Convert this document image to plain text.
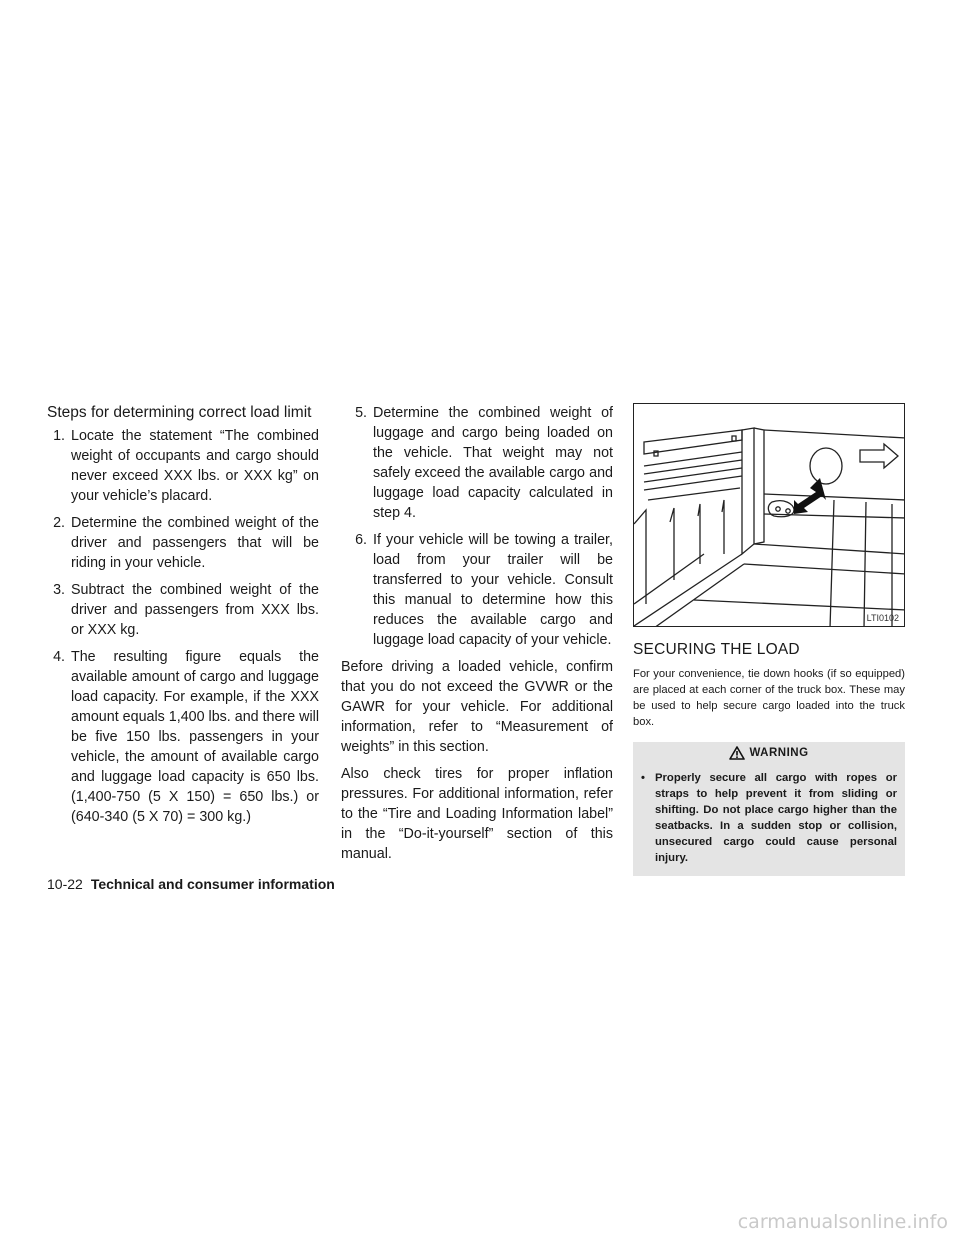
Steps for determining correct load limit
1. Locate the statement “The combined weight of occupants and cargo should never exceed XXX lbs. or XXX kg” on your vehicle’s placard.
2. Determine the combined weight of the driver and passengers that will be riding in your vehicle.
3. Subtract the combined weight of the driver and passengers from XXX lbs. or XXX kg.
4. The resulting figure equals the available amount of cargo and luggage load capacity. For example, if the XXX amount equals 1,400 lbs. and there will be five 150 lbs. passengers in your vehicle, the amount of available cargo and luggage load capacity is 650 lbs. (1,400-750 (5 X 150) = 650 lbs.) or (640-340 (5 X 70) = 300 kg.)
5. Determine the combined weight of luggage and cargo being loaded on the vehicle. That weight may not safely exceed the available cargo and luggage load capacity calculated in step 4.
6. If your vehicle will be towing a trailer, load from your trailer will be transferred to your vehicle. Consult this manual to determine how this reduces the available cargo and luggage load capacity of your vehicle.

Before driving a loaded vehicle, confirm that you do not exceed the GVWR or the GAWR for your vehicle. For additional information, refer to “Measurement of weights” in this section.

Also check tires for proper inflation pressures. For additional information, refer to the “Tire and Loading Information label” in the “Do-it-yourself” section of this manual.

LTI0102
SECURING THE LOAD

For your convenience, tie down hooks (if so equipped) are placed at each corner of the truck box. These may be used to help secure cargo loaded into the truck box.

WARNING
• Properly secure all cargo with ropes or straps to help prevent it from sliding or shifting. Do not place cargo higher than the seatbacks. In a sudden stop or collision, unsecured cargo could cause personal injury.
10-22 Technical and consumer information
carmanualsonline.info
